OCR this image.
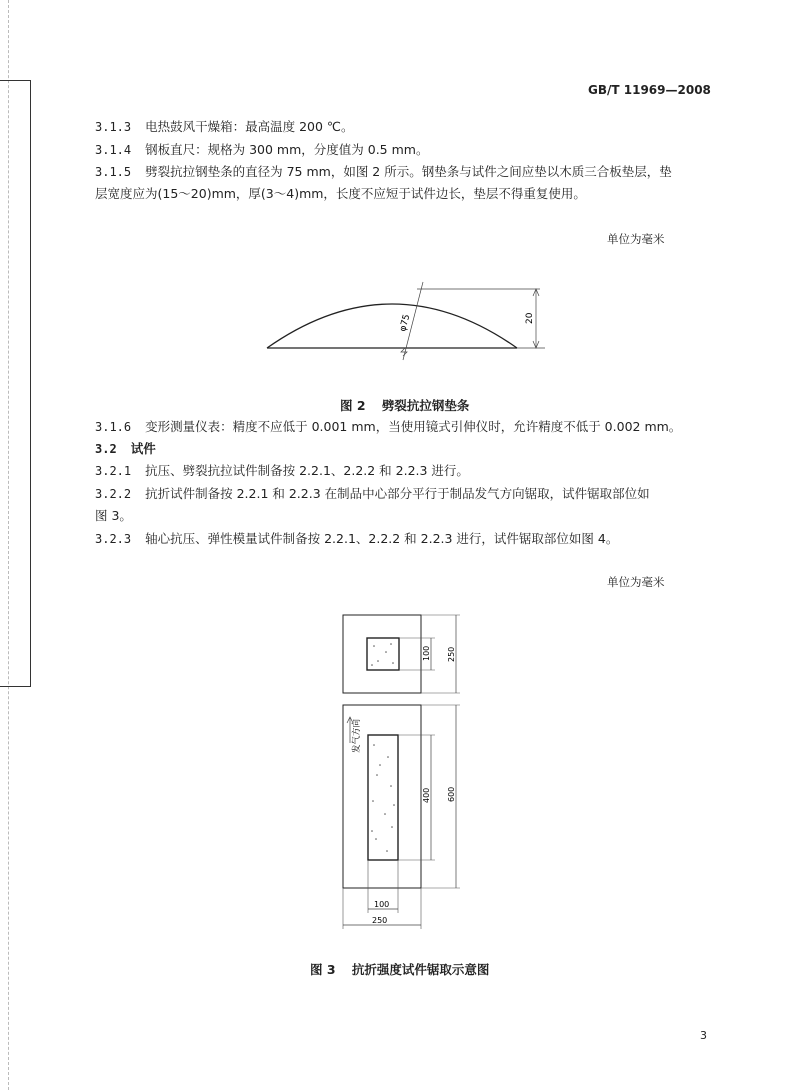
GB/T 11969—2008
3.1.3 电热鼓风干燥箱：最高温度 200 ℃。
3.1.4 钢板直尺：规格为 300 mm，分度值为 0.5 mm。
3.1.5 劈裂抗拉钢垫条的直径为 75 mm，如图 2 所示。钢垫条与试件之间应垫以木质三合板垫层，垫
层宽度应为(15～20)mm，厚(3～4)mm，长度不应短于试件边长，垫层不得重复使用。
单位为毫米
20
φ75
图 2 劈裂抗拉钢垫条
3.1.6 变形测量仪表：精度不应低于 0.001 mm，当使用镜式引伸仪时，允许精度不低于 0.002 mm。
3.2 试件
3.2.1 抗压、劈裂抗拉试件制备按 2.2.1、2.2.2 和 2.2.3 进行。
3.2.2 抗折试件制备按 2.2.1 和 2.2.3 在制品中心部分平行于制品发气方向锯取，试件锯取部位如
图 3。
3.2.3 轴心抗压、弹性模量试件制备按 2.2.1、2.2.2 和 2.2.3 进行，试件锯取部位如图 4。
单位为毫米
100 250
发气方向
400 600
100
250
图 3 抗折强度试件锯取示意图
3
